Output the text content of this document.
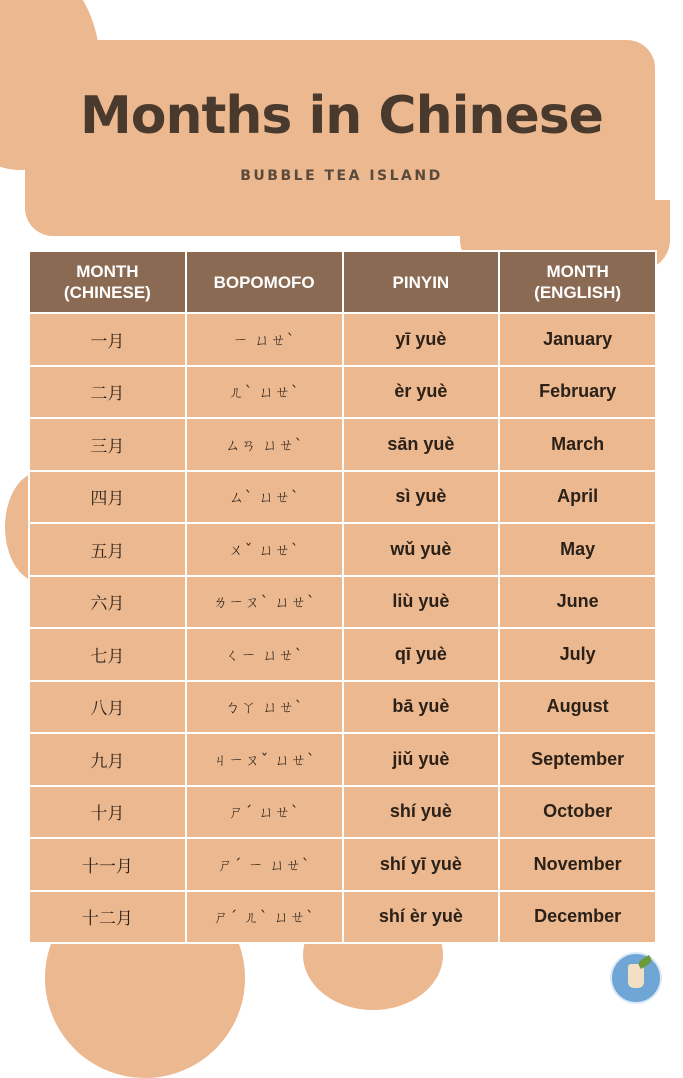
Months in Chinese
BUBBLE TEA ISLAND
MONTH
(CHINESE)	BOPOMOFO	PINYIN	MONTH
(ENGLISH)
一月	ㄧ ㄩㄝˋ	yī yuè	January
二月	ㄦˋ ㄩㄝˋ	èr yuè	February
三月	ㄙㄢ ㄩㄝˋ	sān yuè	March
四月	ㄙˋ ㄩㄝˋ	sì yuè	April
五月	ㄨˇ ㄩㄝˋ	wǔ yuè	May
六月	ㄌㄧㄡˋ ㄩㄝˋ	liù yuè	June
七月	ㄑㄧ ㄩㄝˋ	qī yuè	July
八月	ㄅㄚ ㄩㄝˋ	bā yuè	August
九月	ㄐㄧㄡˇ ㄩㄝˋ	jiǔ yuè	September
十月	ㄕˊ ㄩㄝˋ	shí yuè	October
十一月	ㄕˊ ㄧ ㄩㄝˋ	shí yī yuè	November
十二月	ㄕˊ ㄦˋ ㄩㄝˋ	shí èr yuè	December
